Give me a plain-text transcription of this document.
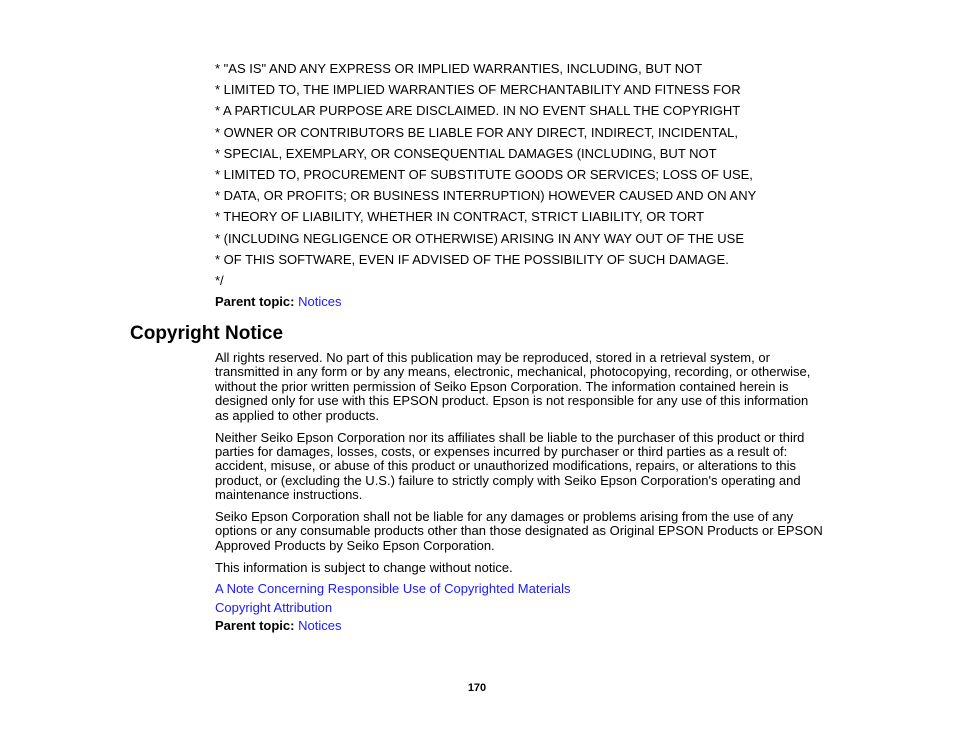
* "AS IS" AND ANY EXPRESS OR IMPLIED WARRANTIES, INCLUDING, BUT NOT
* LIMITED TO, THE IMPLIED WARRANTIES OF MERCHANTABILITY AND FITNESS FOR
* A PARTICULAR PURPOSE ARE DISCLAIMED. IN NO EVENT SHALL THE COPYRIGHT
* OWNER OR CONTRIBUTORS BE LIABLE FOR ANY DIRECT, INDIRECT, INCIDENTAL,
* SPECIAL, EXEMPLARY, OR CONSEQUENTIAL DAMAGES (INCLUDING, BUT NOT
* LIMITED TO, PROCUREMENT OF SUBSTITUTE GOODS OR SERVICES; LOSS OF USE,
* DATA, OR PROFITS; OR BUSINESS INTERRUPTION) HOWEVER CAUSED AND ON ANY
* THEORY OF LIABILITY, WHETHER IN CONTRACT, STRICT LIABILITY, OR TORT
* (INCLUDING NEGLIGENCE OR OTHERWISE) ARISING IN ANY WAY OUT OF THE USE
* OF THIS SOFTWARE, EVEN IF ADVISED OF THE POSSIBILITY OF SUCH DAMAGE.
*/
Parent topic: Notices
Copyright Notice

All rights reserved. No part of this publication may be reproduced, stored in a retrieval system, or transmitted in any form or by any means, electronic, mechanical, photocopying, recording, or otherwise, without the prior written permission of Seiko Epson Corporation. The information contained herein is designed only for use with this EPSON product. Epson is not responsible for any use of this information as applied to other products.

Neither Seiko Epson Corporation nor its affiliates shall be liable to the purchaser of this product or third parties for damages, losses, costs, or expenses incurred by purchaser or third parties as a result of: accident, misuse, or abuse of this product or unauthorized modifications, repairs, or alterations to this product, or (excluding the U.S.) failure to strictly comply with Seiko Epson Corporation's operating and maintenance instructions.

Seiko Epson Corporation shall not be liable for any damages or problems arising from the use of any options or any consumable products other than those designated as Original EPSON Products or EPSON Approved Products by Seiko Epson Corporation.

This information is subject to change without notice.

A Note Concerning Responsible Use of Copyrighted Materials
Copyright Attribution
Parent topic: Notices
170
